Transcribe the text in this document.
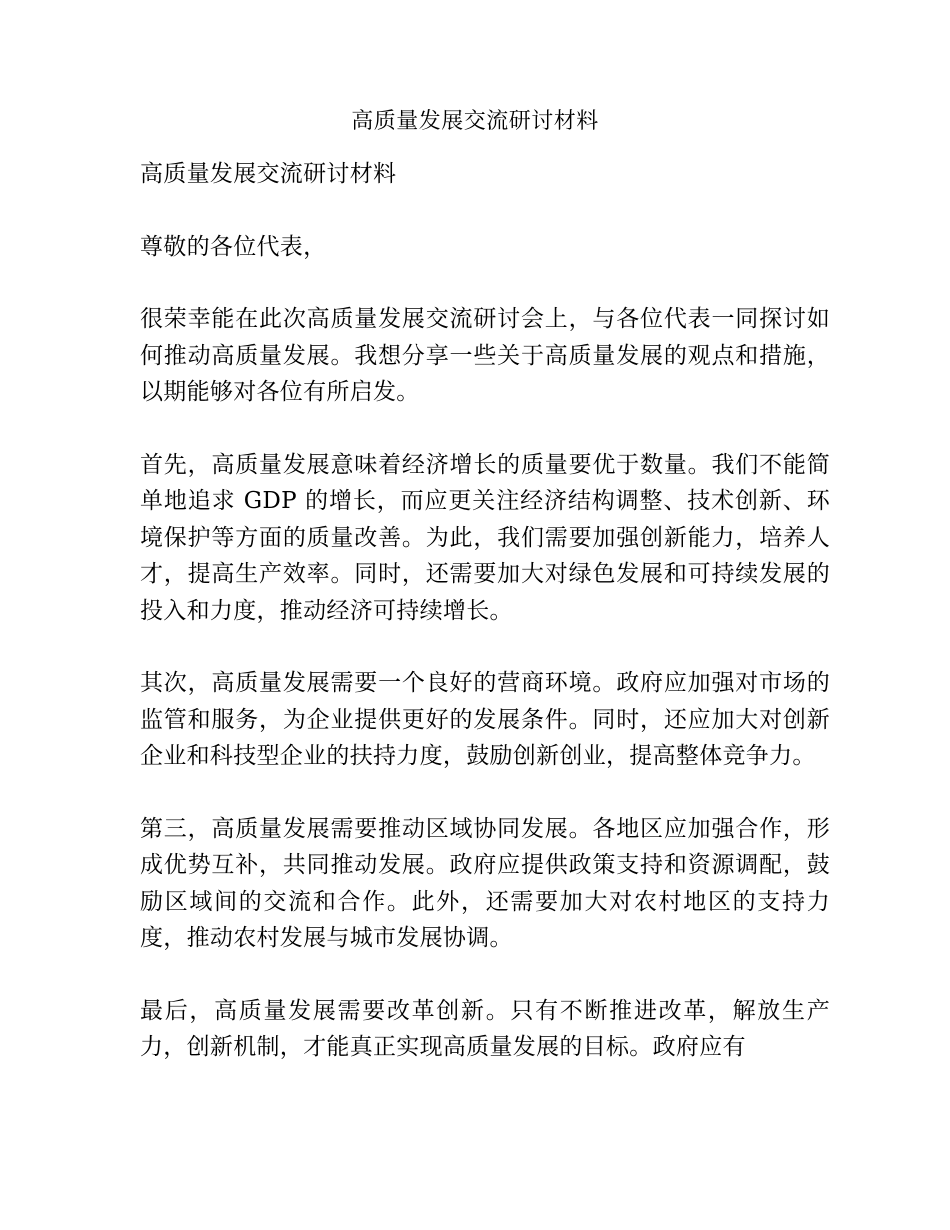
高质量发展交流研讨材料

高质量发展交流研讨材料

尊敬的各位代表，

很荣幸能在此次高质量发展交流研讨会上，与各位代表一同探讨如何推动高质量发展。我想分享一些关于高质量发展的观点和措施，以期能够对各位有所启发。

首先，高质量发展意味着经济增长的质量要优于数量。我们不能简单地追求 GDP 的增长，而应更关注经济结构调整、技术创新、环境保护等方面的质量改善。为此，我们需要加强创新能力，培养人才，提高生产效率。同时，还需要加大对绿色发展和可持续发展的投入和力度，推动经济可持续增长。

其次，高质量发展需要一个良好的营商环境。政府应加强对市场的监管和服务，为企业提供更好的发展条件。同时，还应加大对创新企业和科技型企业的扶持力度，鼓励创新创业，提高整体竞争力。

第三，高质量发展需要推动区域协同发展。各地区应加强合作，形成优势互补，共同推动发展。政府应提供政策支持和资源调配，鼓励区域间的交流和合作。此外，还需要加大对农村地区的支持力度，推动农村发展与城市发展协调。

最后，高质量发展需要改革创新。只有不断推进改革，解放生产力，创新机制，才能真正实现高质量发展的目标。政府应有
